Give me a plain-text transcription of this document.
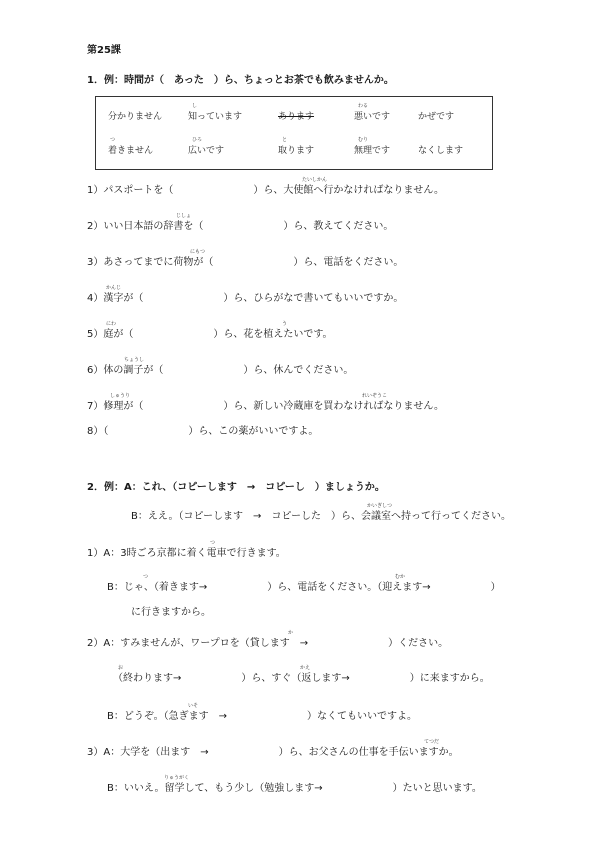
第25課
1．例：時間が（　あった　）ら、ちょっとお茶でも飲みませんか。
し	わる
分かりません	知っています	あります	悪いです	かぜです
つ	ひろ	と	むり
着きません	広いです	取ります	無理です	なくします
たいしかん
1）パスポートを（　　　　　　　　）ら、大使館へ行かなければなりません。
じしょ
2）いい日本語の辞書を（　　　　　　　　）ら、教えてください。
にもつ
3）あさってまでに荷物が（　　　　　　　　）ら、電話をください。
かんじ
4）漢字が（　　　　　　　　）ら、ひらがなで書いてもいいですか。
にわ	う
5）庭が（　　　　　　　　）ら、花を植えたいです。
ちょうし
6）体の調子が（　　　　　　　　）ら、休んでください。
しゅうり	れいぞうこ
7）修理が（　　　　　　　　）ら、新しい冷蔵庫を買わなければなりません。
8）（　　　　　　　　）ら、この薬がいいですよ。
2．例：A：これ、（コピーします　→　コピーし　）ましょうか。
かいぎしつ
B：ええ。（コピーします　→　コピーした　）ら、会議室へ持って行ってください。
1）A：3時ごろ京都に着く電車で行きます。
つ
つ	むか
B：じゃ、（着きます→　　　　　　）ら、電話をください。（迎えます→　　　　　　）
に行きますから。
か
2）A：すみませんが、ワープロを（貸します　→　　　　　　　　）ください。
お	かえ
（終わります→　　　　　　）ら、すぐ（返します→　　　　　　）に来ますから。
いそ
B：どうぞ。（急ぎます　→　　　　　　　　）なくてもいいですよ。
てつだ
3）A：大学を（出ます　→　　　　　　　）ら、お父さんの仕事を手伝いますか。
りゅうがく
B：いいえ。留学して、もう少し（勉強します→　　　　　　　）たいと思います。
